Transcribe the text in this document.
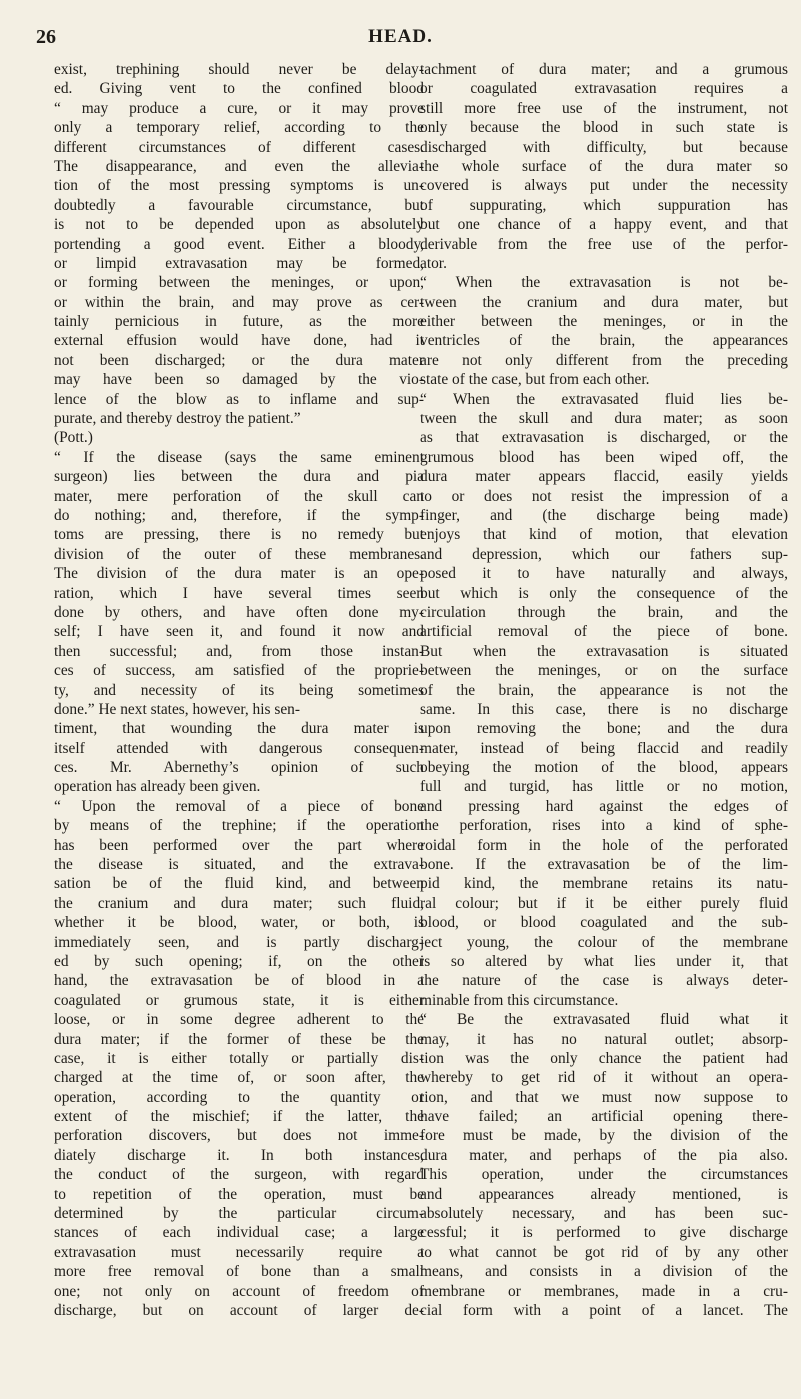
26	HEAD.
exist, trephining should never be delay-
ed. Giving vent to the confined blood
“ may produce a cure, or it may prove
only a temporary relief, according to the
different circumstances of different cases.
The disappearance, and even the allevia-
tion of the most pressing symptoms is un-
doubtedly a favourable circumstance, but
is not to be depended upon as absolutely
portending a good event. Either a bloody,
or limpid extravasation may be formed,
or forming between the meninges, or upon,
or within the brain, and may prove as cer-
tainly pernicious in future, as the more
external effusion would have done, had it
not been discharged; or the dura mater
may have been so damaged by the vio-
lence of the blow as to inflame and sup-
purate, and thereby destroy the patient.”
(Pott.)
“ If the disease (says the same eminent
surgeon) lies between the dura and pia
mater, mere perforation of the skull can
do nothing; and, therefore, if the symp-
toms are pressing, there is no remedy but
division of the outer of these membranes.
The division of the dura mater is an ope-
ration, which I have several times seen
done by others, and have often done my-
self; I have seen it, and found it now and
then successful; and, from those instan-
ces of success, am satisfied of the proprie-
ty, and necessity of its being sometimes
done.” He next states, however, his sen-
timent, that wounding the dura mater is
itself attended with dangerous consequen-
ces. Mr. Abernethy’s opinion of such
operation has already been given.
“ Upon the removal of a piece of bone
by means of the trephine; if the operation
has been performed over the part where
the disease is situated, and the extrava-
sation be of the fluid kind, and between
the cranium and dura mater; such fluid,
whether it be blood, water, or both, is
immediately seen, and is partly discharg-
ed by such opening; if, on the other
hand, the extravasation be of blood in a
coagulated or grumous state, it is either
loose, or in some degree adherent to the
dura mater; if the former of these be the
case, it is either totally or partially dis-
charged at the time of, or soon after, the
operation, according to the quantity or
extent of the mischief; if the latter, the
perforation discovers, but does not imme-
diately discharge it. In both instances,
the conduct of the surgeon, with regard
to repetition of the operation, must be
determined by the particular circum-
stances of each individual case; a large
extravasation must necessarily require a
more free removal of bone than a small
one; not only on account of freedom of
discharge, but on account of larger de-
tachment of dura mater; and a grumous
or coagulated extravasation requires a
still more free use of the instrument, not
only because the blood in such state is
discharged with difficulty, but because
the whole surface of the dura mater so
covered is always put under the necessity
of suppurating, which suppuration has
but one chance of a happy event, and that
derivable from the free use of the perfor-
ator.
“ When the extravasation is not be-
tween the cranium and dura mater, but
either between the meninges, or in the
ventricles of the brain, the appearances
are not only different from the preceding
state of the case, but from each other.
“ When the extravasated fluid lies be-
tween the skull and dura mater; as soon
as that extravasation is discharged, or the
grumous blood has been wiped off, the
dura mater appears flaccid, easily yields
to or does not resist the impression of a
finger, and (the discharge being made)
enjoys that kind of motion, that elevation
and depression, which our fathers sup-
posed it to have naturally and always,
but which is only the consequence of the
circulation through the brain, and the
artificial removal of the piece of bone.
But when the extravasation is situated
between the meninges, or on the surface
of the brain, the appearance is not the
same. In this case, there is no discharge
upon removing the bone; and the dura
mater, instead of being flaccid and readily
obeying the motion of the blood, appears
full and turgid, has little or no motion,
and pressing hard against the edges of
the perforation, rises into a kind of sphe-
roidal form in the hole of the perforated
bone. If the extravasation be of the lim-
pid kind, the membrane retains its natu-
ral colour; but if it be either purely fluid
blood, or blood coagulated and the sub-
ject young, the colour of the membrane
is so altered by what lies under it, that
the nature of the case is always deter-
minable from this circumstance.
“ Be the extravasated fluid what it
may, it has no natural outlet; absorp-
tion was the only chance the patient had
whereby to get rid of it without an opera-
tion, and that we must now suppose to
have failed; an artificial opening there-
fore must be made, by the division of the
dura mater, and perhaps of the pia also.
This operation, under the circumstances
and appearances already mentioned, is
absolutely necessary, and has been suc-
cessful; it is performed to give discharge
to what cannot be got rid of by any other
means, and consists in a division of the
membrane or membranes, made in a cru-
cial form with a point of a lancet. The
